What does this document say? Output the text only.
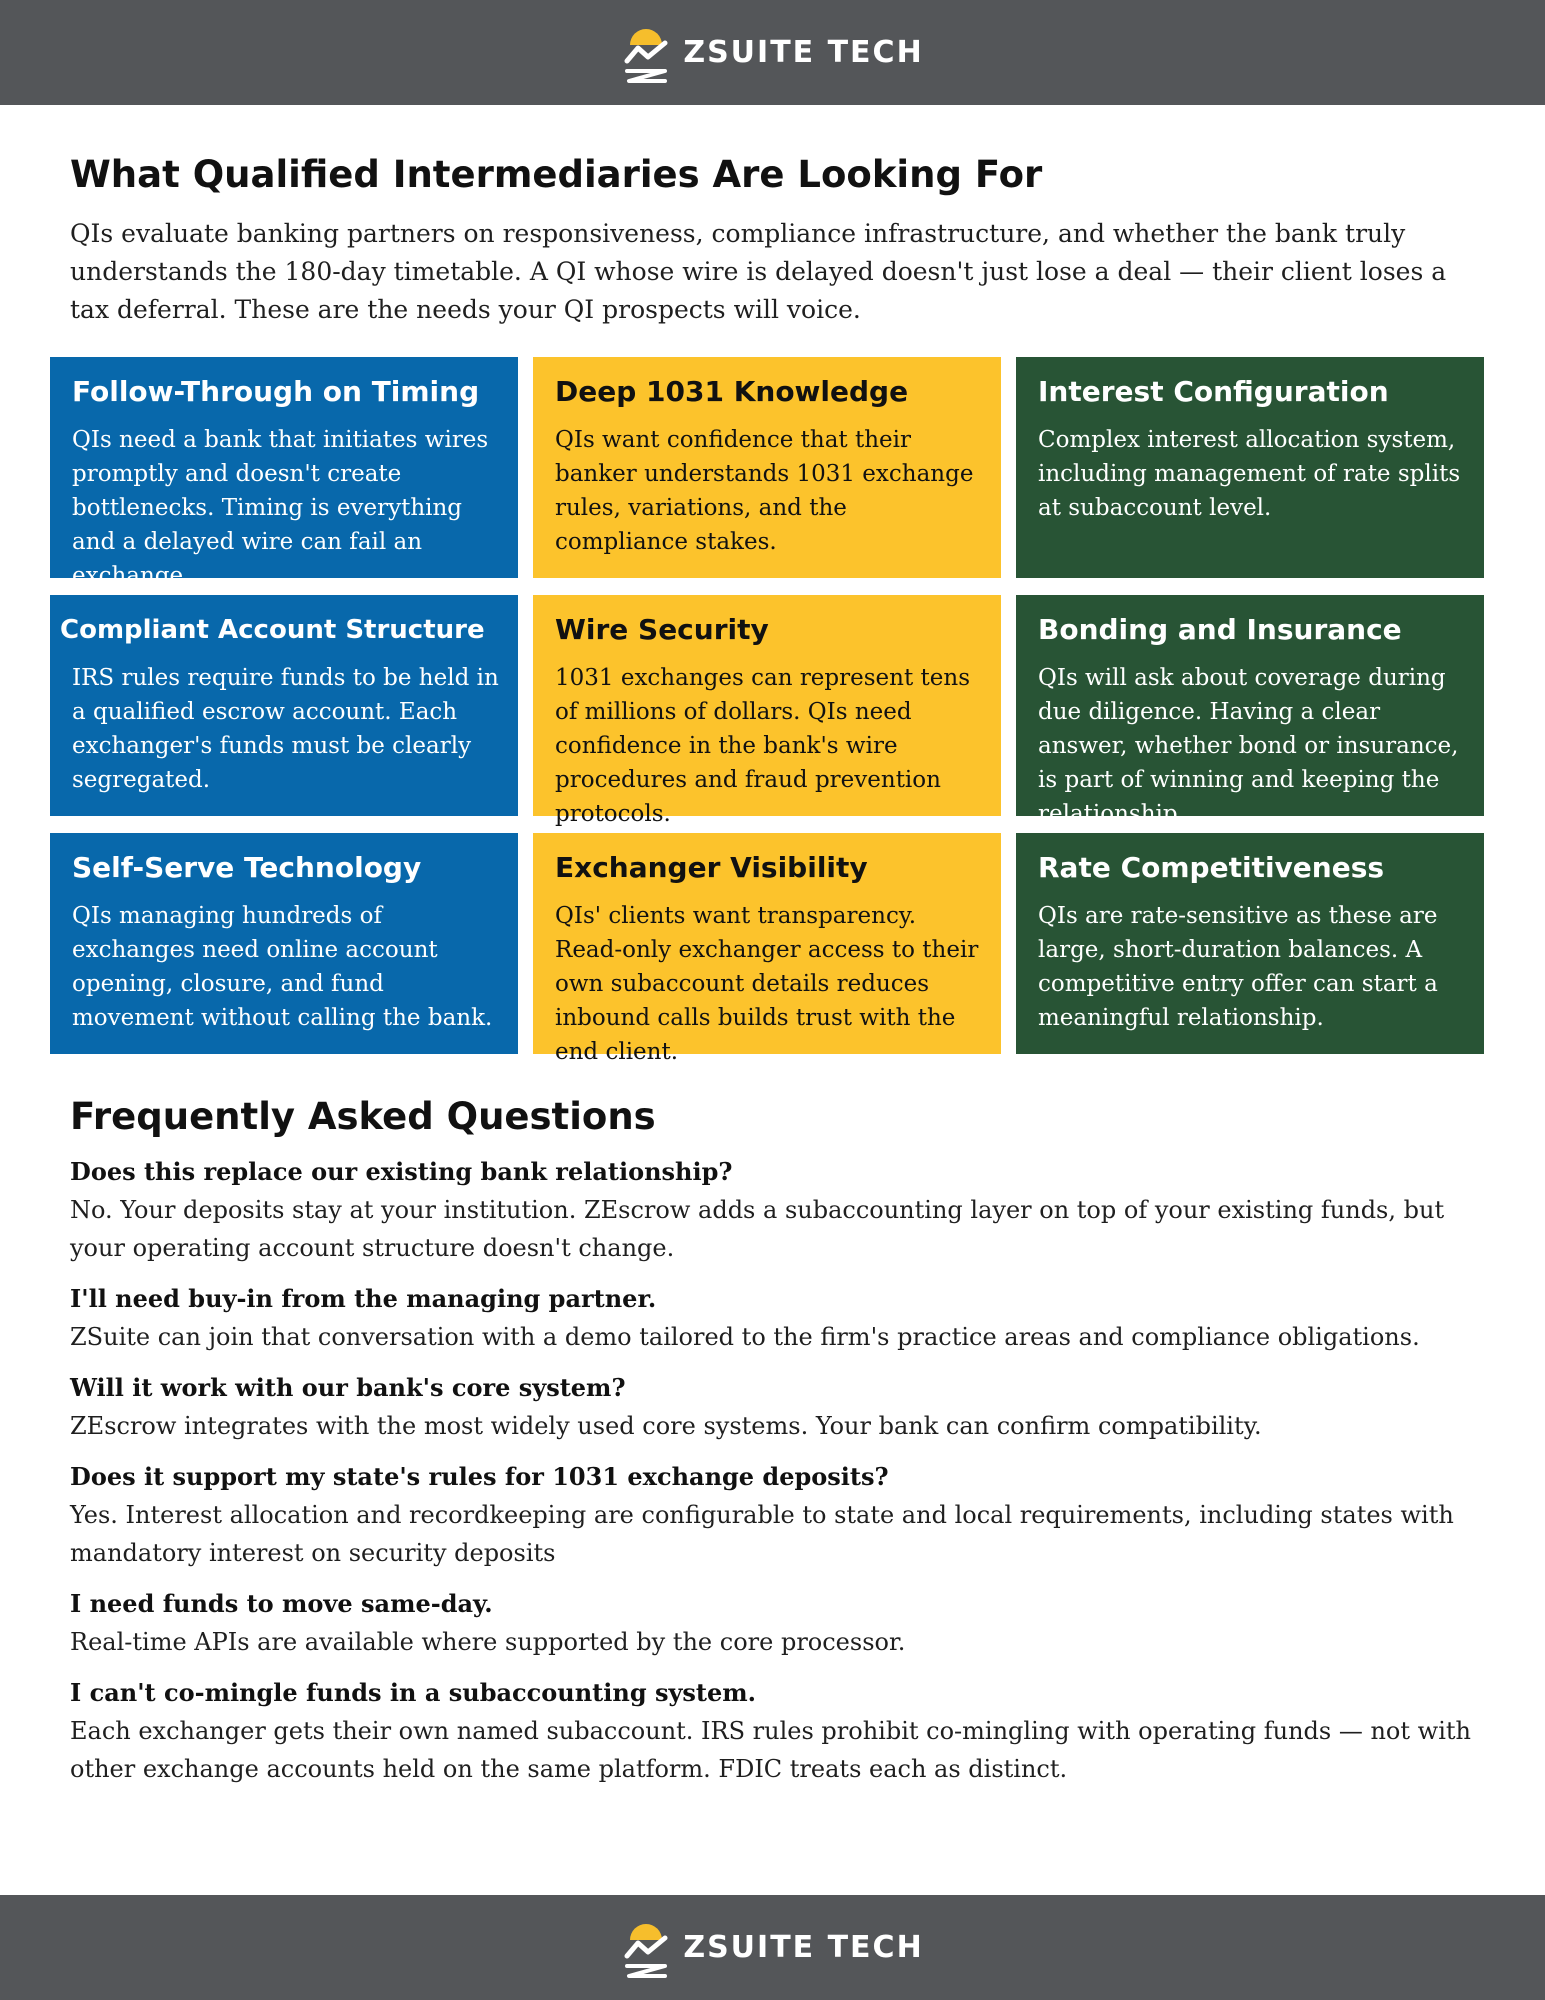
ZSUITE TECH
What Qualified Intermediaries Are Looking For

QIs evaluate banking partners on responsiveness, compliance infrastructure, and whether the bank truly understands the 180-day timetable. A QI whose wire is delayed doesn't just lose a deal — their client loses a tax deferral. These are the needs your QI prospects will voice.

Follow-Through on Timing

QIs need a bank that initiates wires promptly and doesn't create bottlenecks. Timing is everything and a delayed wire can fail an exchange.

Deep 1031 Knowledge

QIs want confidence that their banker understands 1031 exchange rules, variations, and the compliance stakes.

Interest Configuration

Complex interest allocation system, including management of rate splits at subaccount level.

Compliant Account Structure

IRS rules require funds to be held in a qualified escrow account. Each exchanger's funds must be clearly segregated.

Wire Security

1031 exchanges can represent tens of millions of dollars. QIs need confidence in the bank's wire procedures and fraud prevention protocols.

Bonding and Insurance

QIs will ask about coverage during due diligence. Having a clear answer, whether bond or insurance, is part of winning and keeping the relationship.

Self-Serve Technology

QIs managing hundreds of exchanges need online account opening, closure, and fund movement without calling the bank.

Exchanger Visibility

QIs' clients want transparency. Read-only exchanger access to their own subaccount details reduces inbound calls builds trust with the end client.

Rate Competitiveness

QIs are rate-sensitive as these are large, short-duration balances. A competitive entry offer can start a meaningful relationship.

Frequently Asked Questions

Does this replace our existing bank relationship?

No. Your deposits stay at your institution. ZEscrow adds a subaccounting layer on top of your existing funds, but your operating account structure doesn't change.

I'll need buy-in from the managing partner.

ZSuite can join that conversation with a demo tailored to the firm's practice areas and compliance obligations.

Will it work with our bank's core system?

ZEscrow integrates with the most widely used core systems. Your bank can confirm compatibility.

Does it support my state's rules for 1031 exchange deposits?

Yes. Interest allocation and recordkeeping are configurable to state and local requirements, including states with mandatory interest on security deposits

I need funds to move same-day.

Real-time APIs are available where supported by the core processor.

I can't co-mingle funds in a subaccounting system.

Each exchanger gets their own named subaccount. IRS rules prohibit co-mingling with operating funds — not with other exchange accounts held on the same platform. FDIC treats each as distinct.

ZSUITE TECH
